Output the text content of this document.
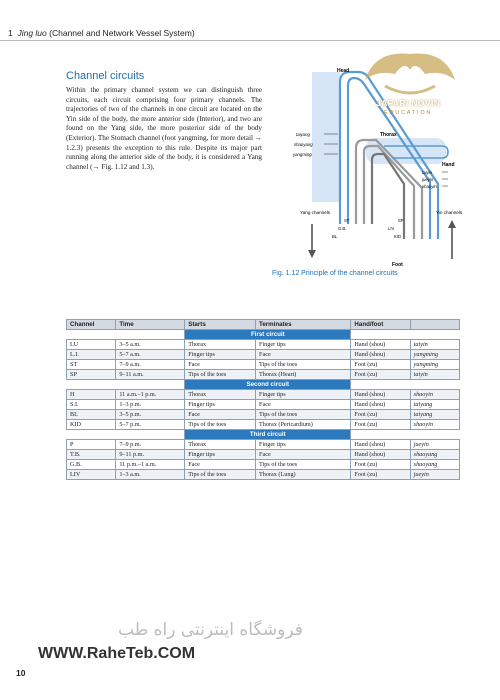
1 Jing luo (Channel and Network Vessel System)
Channel circuits
Within the primary channel system we can distinguish three circuits, each circuit comprising four primary channels. The trajectories of two of the channels in one circuit are located on the Yin side of the body, the more anterior side (Interior), and two are found on the Yang side, the more posterior side of the body (Exterior). The Stomach channel (foot yangming, for more detail → 1.2.3) presents the exception to this rule. Despite its major part running along the anterior side of the body, it is considered a Yang channel (→ Fig. 1.12 and 1.3).
Head
Thorax
Hand
Foot
taiyang
shaoyang
yangming
taiyin
jueyin
shaoyin
Yang channels	Yin channels
ST
G.B.
BL
LIV
SP
KID
JAFARI NOVIN
EDUCATION
Fig. 1.12 Principle of the channel circuits
Channel	Time	Starts	Terminates	Hand/foot	
		First circuit			
LU	3–5 a.m.	Thorax	Finger tips	Hand (shou)	taiyin
L.I.	5–7 a.m.	Finger tips	Face	Hand (shou)	yangming
ST	7–9 a.m.	Face	Tips of the toes	Foot (zu)	yangming
SP	9–11 a.m.	Tips of the toes	Thorax (Heart)	Foot (zu)	taiyin
		Second circuit			
H	11 a.m.–1 p.m.	Thorax	Finger tips	Hand (shou)	shaoyin
S.I.	1–3 p.m.	Finger tips	Face	Hand (shou)	taiyang
BL	3–5 p.m.	Face	Tips of the toes	Foot (zu)	taiyang
KID	5–7 p.m.	Tips of the toes	Thorax (Pericardium)	Foot (zu)	shaoyin
		Third circuit			
P	7–9 p.m.	Thorax	Finger tips	Hand (shou)	jueyin
T.B.	9–11 p.m.	Finger tips	Face	Hand (shou)	shaoyang
G.B.	11 p.m.–1 a.m.	Face	Tips of the toes	Foot (zu)	shaoyang
LIV	1–3 a.m.	Tips of the toes	Thorax (Lung)	Foot (zu)	jueyin
فروشگاه اینترنتی راه طب
WWW.RaheTeb.COM
10
